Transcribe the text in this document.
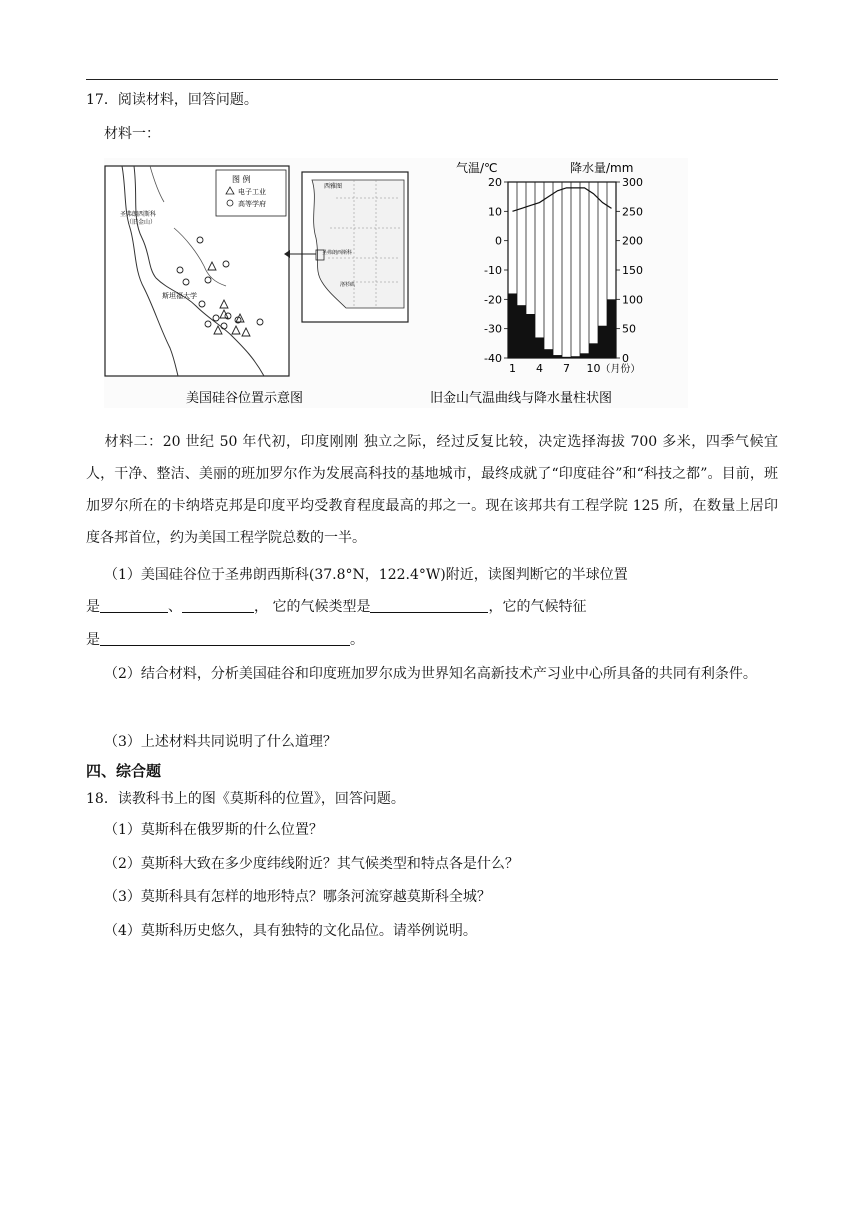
17．阅读材料，回答问题。
材料一：
图 例
电子工业
高等学府
圣弗朗西斯科
（旧金山）
斯坦福大学
西雅图
圣弗朗西斯科
洛杉矶
美国硅谷位置示意图	旧金山气温曲线与降水量柱状图
气温/℃	降水量/mm
20
10
0
-10
-20
-30
-40
300
250
200
150
100
50
0
1 4 7 10 （月份）
材料二：20 世纪 50 年代初，印度刚刚 独立之际，经过反复比较，决定选择海拔 700 多米，四季气候宜人，干净、整洁、美丽的班加罗尔作为发展高科技的基地城市，最终成就了“印度硅谷”和“科技之都”。目前，班加罗尔所在的卡纳塔克邦是印度平均受教育程度最高的邦之一。现在该邦共有工程学院 125 所，在数量上居印度各邦首位，约为美国工程学院总数的一半。
（1）美国硅谷位于圣弗朗西斯科(37.8°N，122.4°W)附近，读图判断它的半球位置
是	、	， 它的气候类型是	，它的气候特征
是	。
（2）结合材料，分析美国硅谷和印度班加罗尔成为世界知名高新技术产习业中心所具备的共同有利条件。
（3）上述材料共同说明了什么道理？
四、综合题
18．读教科书上的图《莫斯科的位置》，回答问题。
（1）莫斯科在俄罗斯的什么位置？
（2）莫斯科大致在多少度纬线附近？其气候类型和特点各是什么？
（3）莫斯科具有怎样的地形特点？哪条河流穿越莫斯科全城？
（4）莫斯科历史悠久，具有独特的文化品位。请举例说明。
